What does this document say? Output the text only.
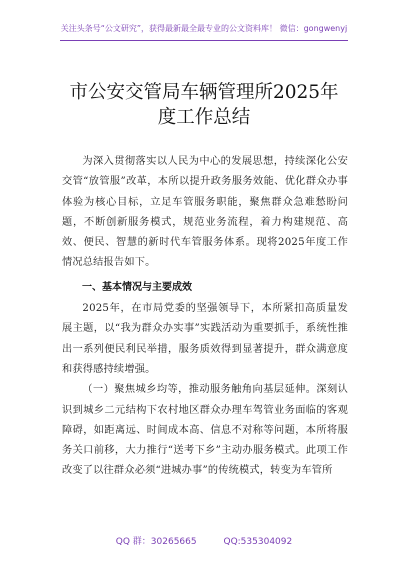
关注头条号“公文研究”，获得最新最全最专业的公文资料库！ 微信：gongwenyj
市公安交管局车辆管理所2025年度工作总结

为深入贯彻落实以人民为中心的发展思想，持续深化公安交管“放管服”改革，本所以提升政务服务效能、优化群众办事体验为核心目标，立足车管服务职能，聚焦群众急难愁盼问题，不断创新服务模式，规范业务流程，着力构建规范、高效、便民、智慧的新时代车管服务体系。现将2025年度工作情况总结报告如下。

一、基本情况与主要成效

2025年，在市局党委的坚强领导下，本所紧扣高质量发展主题，以“我为群众办实事”实践活动为重要抓手，系统性推出一系列便民利民举措，服务质效得到显著提升，群众满意度和获得感持续增强。

（一）聚焦城乡均等，推动服务触角向基层延伸。深刻认识到城乡二元结构下农村地区群众办理车驾管业务面临的客观障碍，如距离远、时间成本高、信息不对称等问题，本所将服务关口前移，大力推行“送考下乡”主动办服务模式。此项工作改变了以往群众必须“进城办事”的传统模式，转变为车管所

QQ 群：30265665	QQ:535304092
